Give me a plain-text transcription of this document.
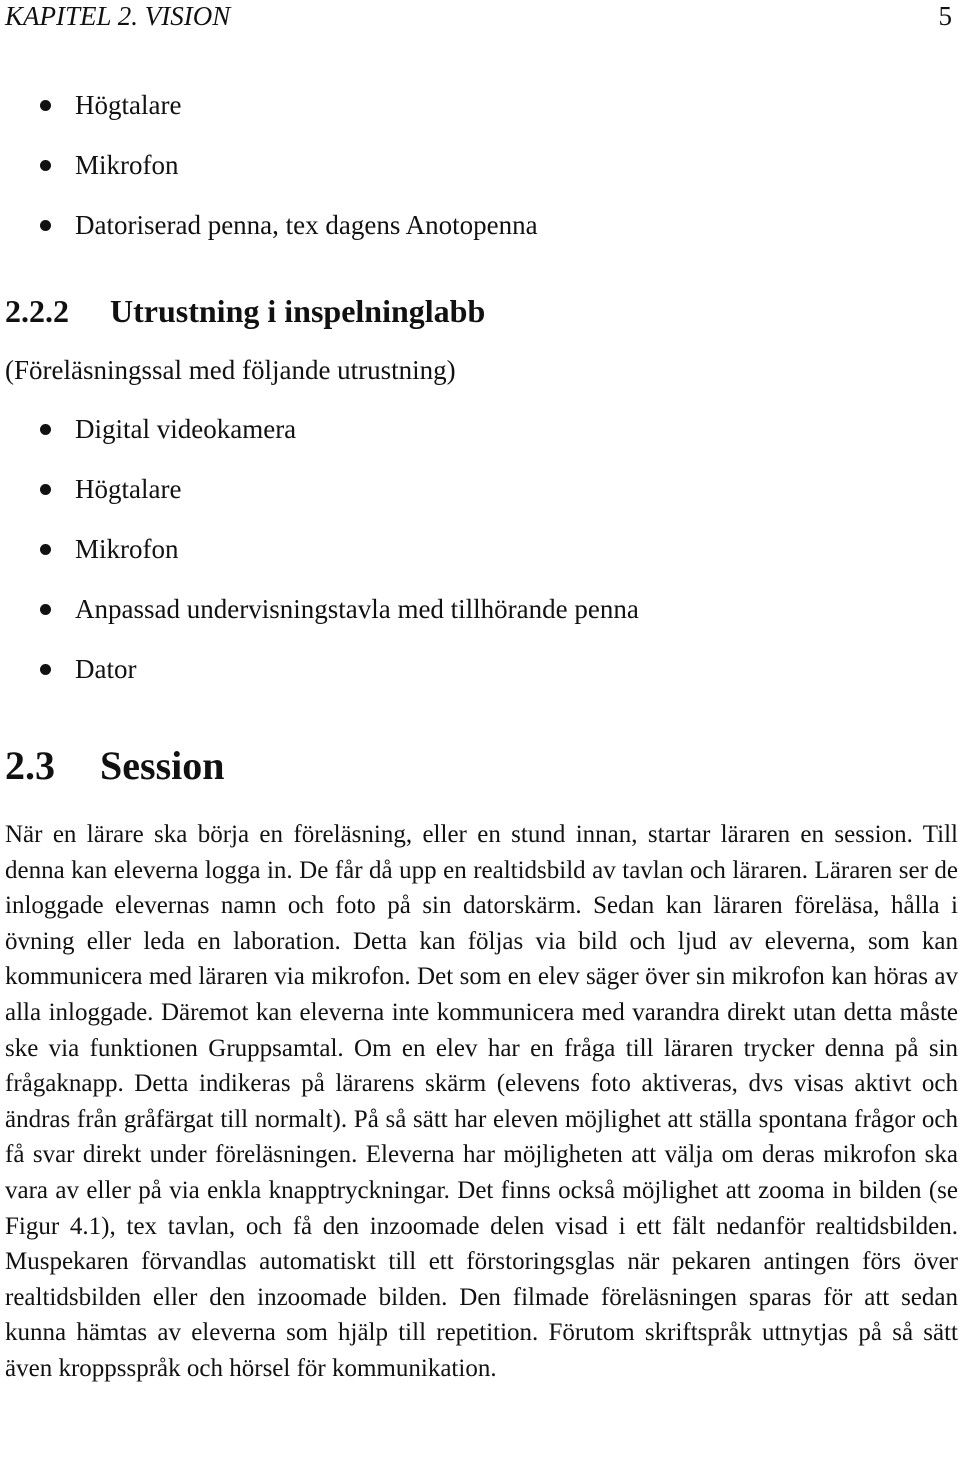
KAPITEL 2. VISION	5
Högtalare
Mikrofon
Datoriserad penna, tex dagens Anotopenna
2.2.2 Utrustning i inspelninglabb
(Föreläsningssal med följande utrustning)
Digital videokamera
Högtalare
Mikrofon
Anpassad undervisningstavla med tillhörande penna
Dator
2.3 Session

När en lärare ska börja en föreläsning, eller en stund innan, startar läraren en session. Till denna kan eleverna logga in. De får då upp en realtidsbild av tavlan och läraren. Läraren ser de inloggade elevernas namn och foto på sin datorskärm. Sedan kan läraren föreläsa, hålla i övning eller leda en laboration. Detta kan följas via bild och ljud av eleverna, som kan kommunicera med läraren via mikrofon. Det som en elev säger över sin mikrofon kan höras av alla inloggade. Däremot kan eleverna inte kommunicera med varandra direkt utan detta måste ske via funktionen Gruppsamtal. Om en elev har en fråga till läraren trycker denna på sin frågaknapp. Detta indikeras på lärarens skärm (elevens foto aktiveras, dvs visas aktivt och ändras från gråfärgat till normalt). På så sätt har eleven möjlighet att ställa spontana frågor och få svar direkt under föreläsningen. Eleverna har möjligheten att välja om deras mikrofon ska vara av eller på via enkla knapptryckningar. Det finns också möjlighet att zooma in bilden (se Figur 4.1), tex tavlan, och få den inzoomade delen visad i ett fält nedanför realtidsbilden. Muspekaren förvandlas automatiskt till ett förstoringsglas när pekaren antingen förs över realtidsbilden eller den inzoomade bilden. Den filmade föreläsningen sparas för att sedan kunna hämtas av eleverna som hjälp till repetition. Förutom skriftspråk uttnytjas på så sätt även kroppsspråk och hörsel för kommunikation.
